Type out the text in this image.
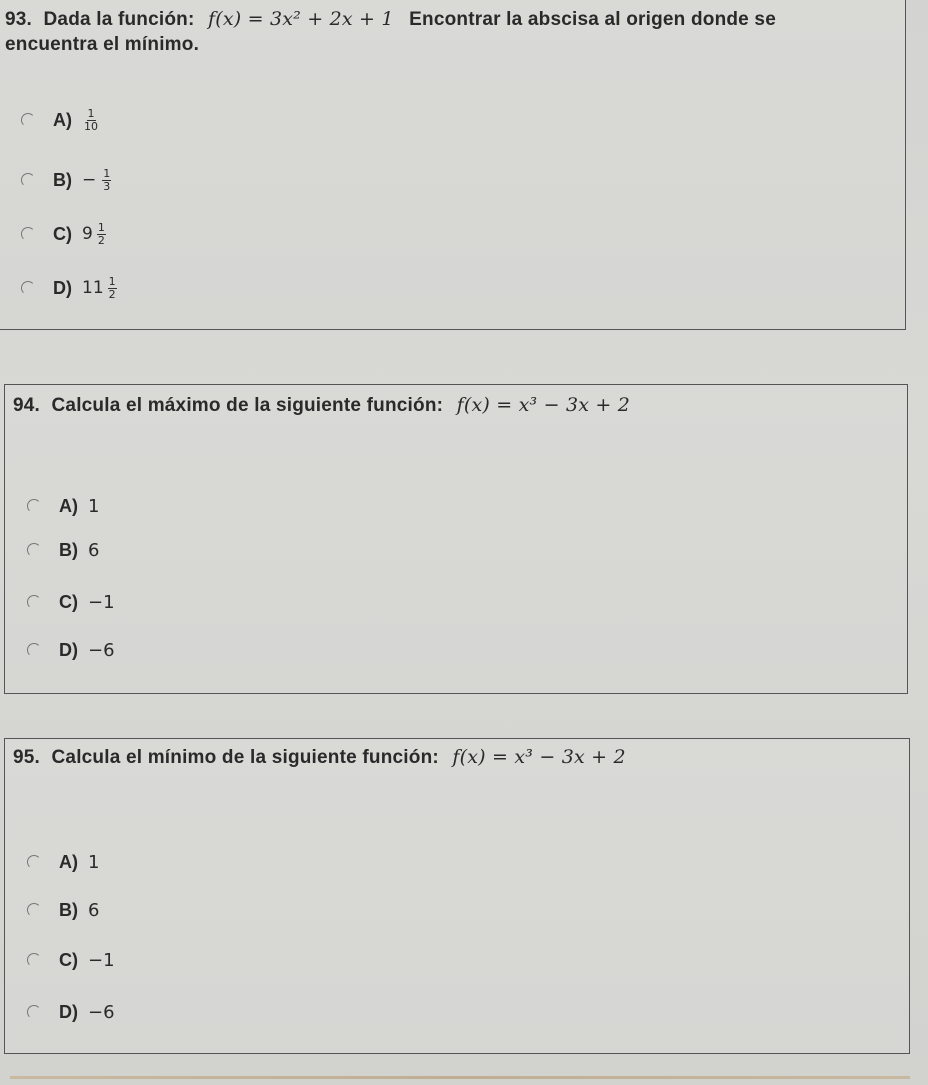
93. Dada la función: f(x) = 3x² + 2x + 1 Encontrar la abscisa al origen donde se
encuentra el mínimo.
$A) \frac{1}{10}$
$B) - \frac{1}{3}$
C) $9 \frac{1}{2}$
D) $11 \frac{1}{2}$
94. Calcula el máximo de la siguiente función: f(x) = x³ − 3x + 2
A) 1
B) 6
C) −1
D) −6
95. Calcula el mínimo de la siguiente función: f(x) = x³ − 3x + 2
A) 1
B) 6
C) −1
D) −6
